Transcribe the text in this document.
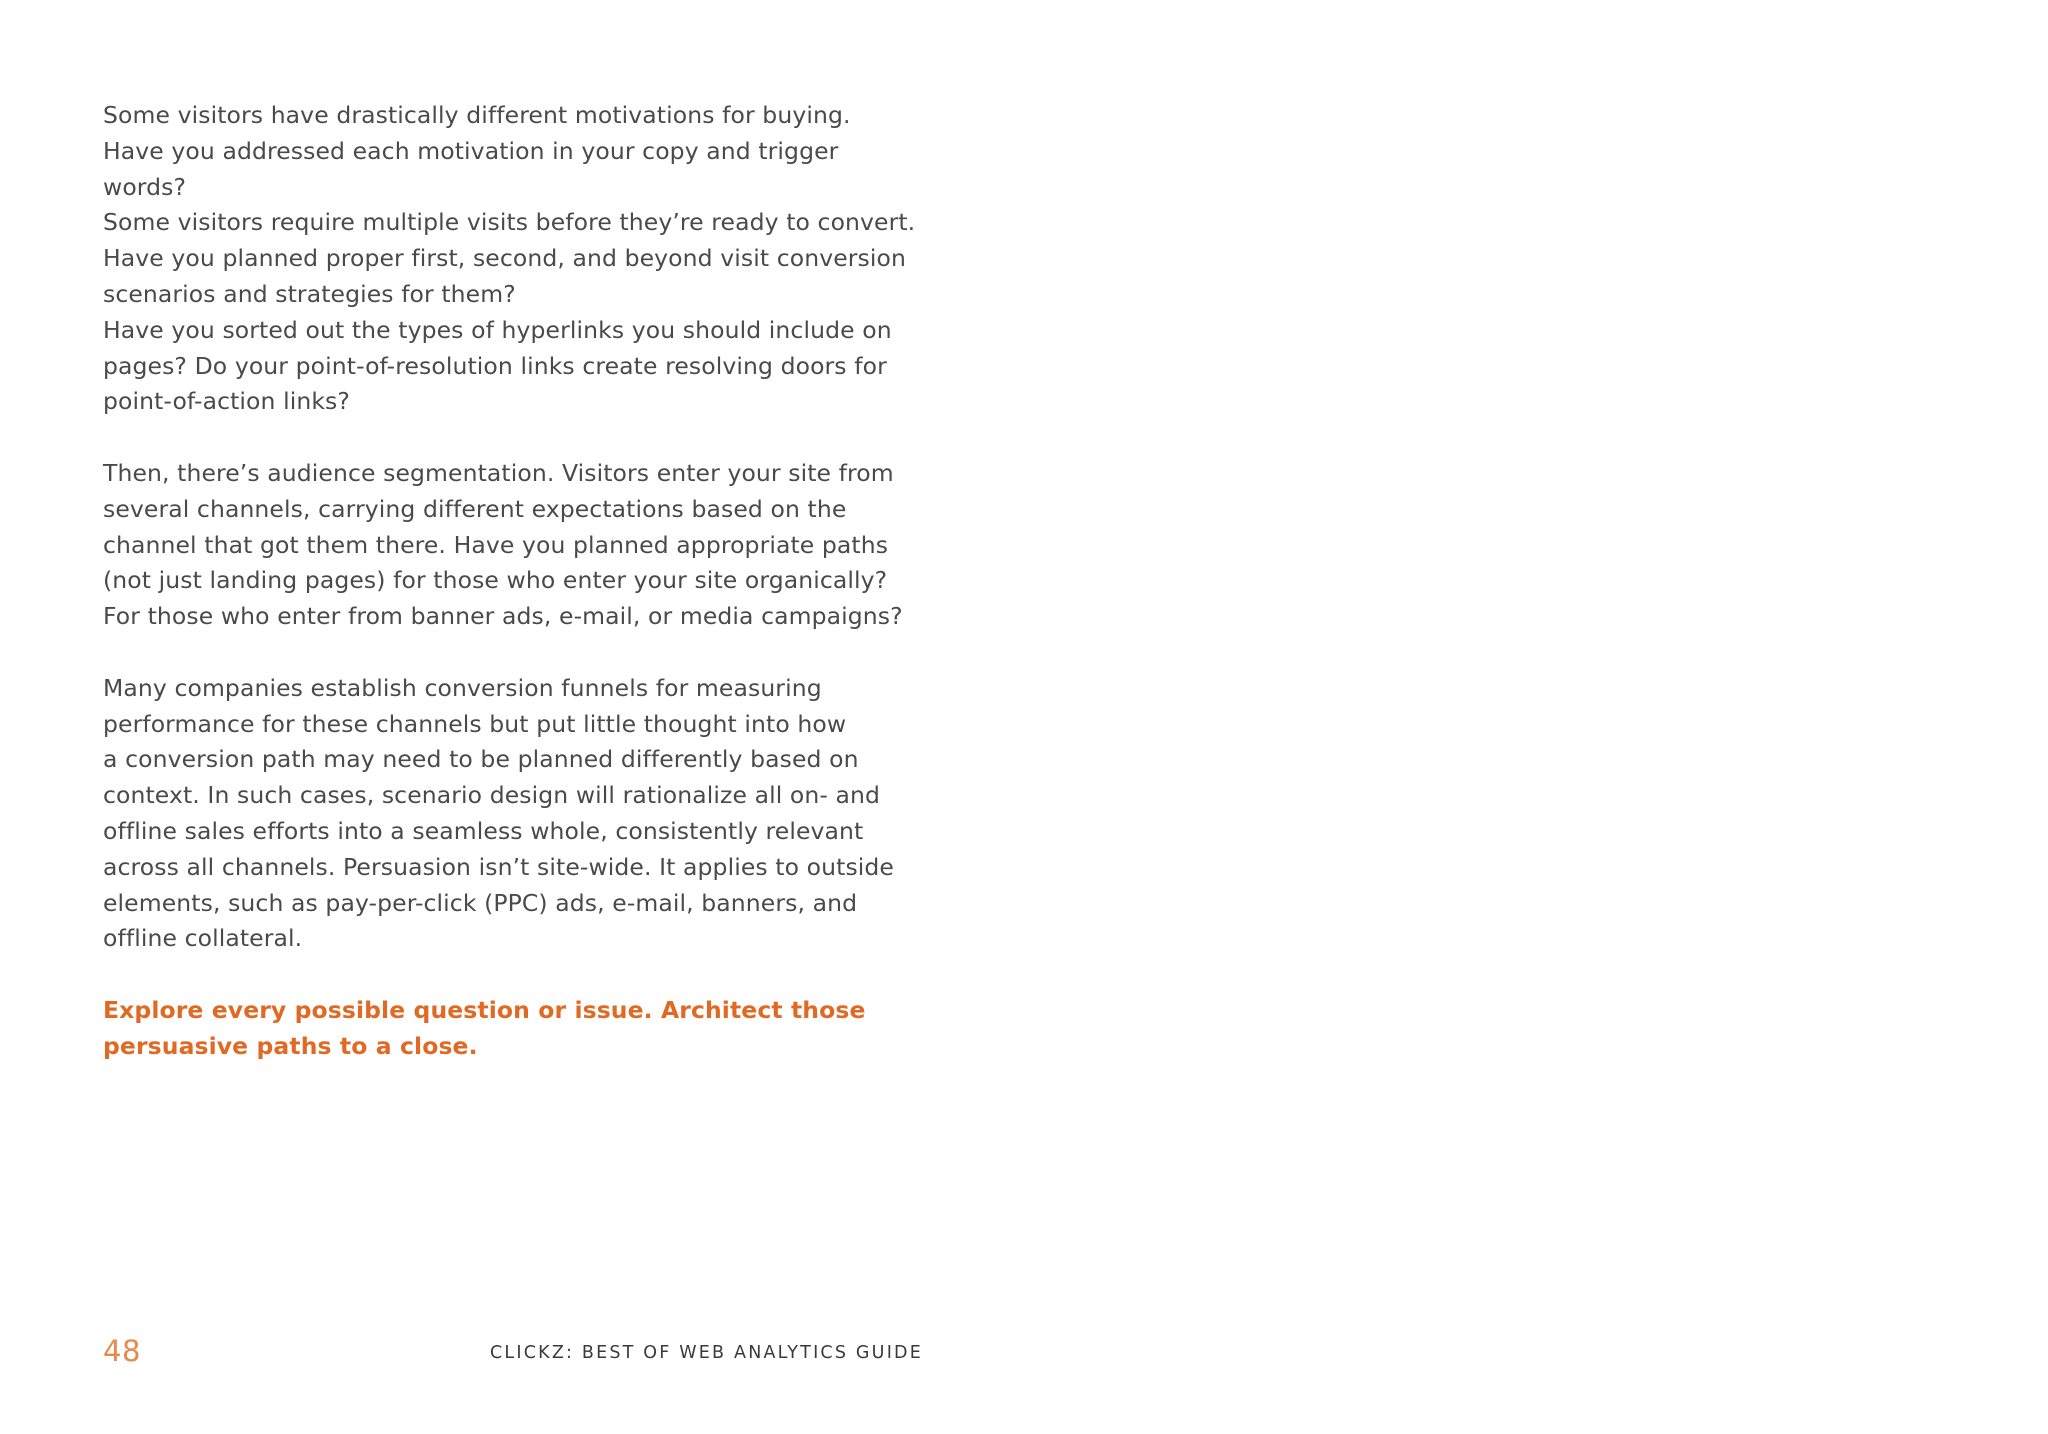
Some visitors have drastically different motivations for buying.
Have you addressed each motivation in your copy and trigger
words?
Some visitors require multiple visits before they’re ready to convert.
Have you planned proper first, second, and beyond visit conversion
scenarios and strategies for them?
Have you sorted out the types of hyperlinks you should include on
pages? Do your point-of-resolution links create resolving doors for
point-of-action links?
Then, there’s audience segmentation. Visitors enter your site from
several channels, carrying different expectations based on the
channel that got them there. Have you planned appropriate paths
(not just landing pages) for those who enter your site organically?
For those who enter from banner ads, e-mail, or media campaigns?
Many companies establish conversion funnels for measuring
performance for these channels but put little thought into how
a conversion path may need to be planned differently based on
context. In such cases, scenario design will rationalize all on- and
offline sales efforts into a seamless whole, consistently relevant
across all channels. Persuasion isn’t site-wide. It applies to outside
elements, such as pay-per-click (PPC) ads, e-mail, banners, and
offline collateral.
Explore every possible question or issue. Architect those
persuasive paths to a close.
48	CLICKZ: BEST OF WEB ANALYTICS GUIDE
